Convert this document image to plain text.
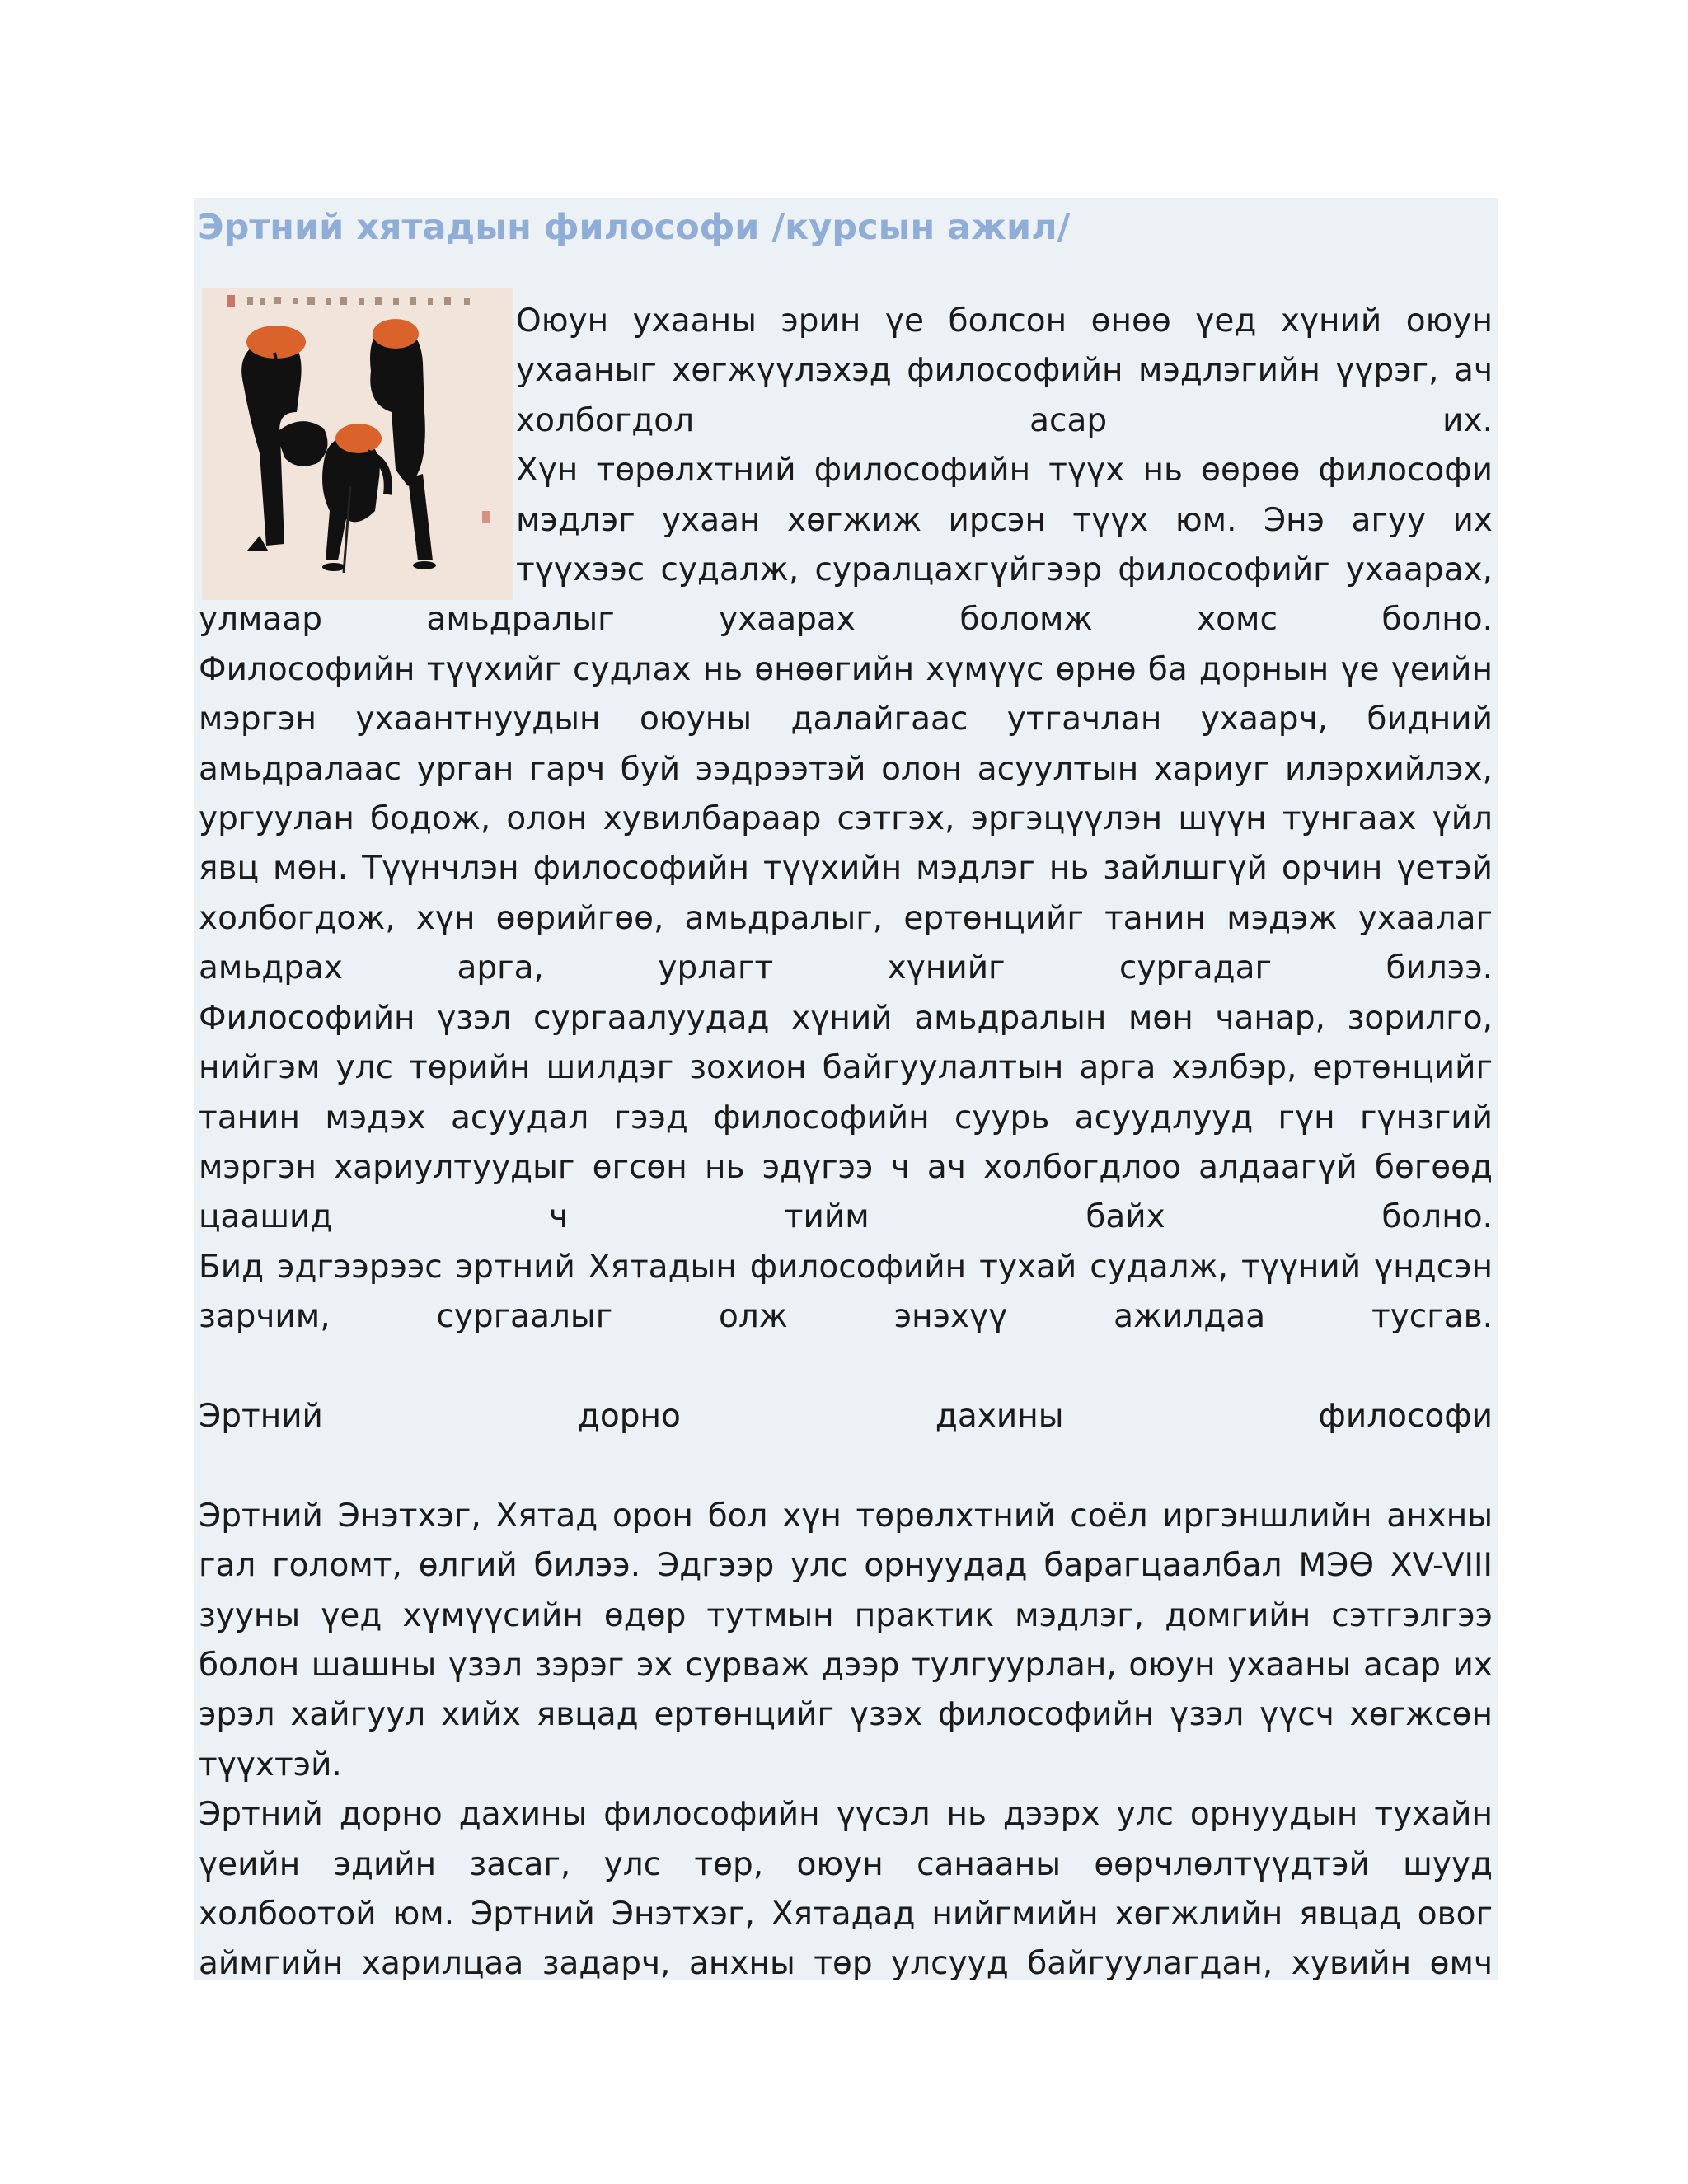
Эртний хятадын философи /курсын ажил/

Оюун ухааны эрин үе болсон өнөө үед хүний оюун ухааныг хөгжүүлэхэд философийн мэдлэгийн үүрэг, ач холбогдол асар их.

Хүн төрөлхтний философийн түүх нь өөрөө философи мэдлэг ухаан хөгжиж ирсэн түүх юм. Энэ агуу их түүхээс судалж, суралцахгүйгээр философийг ухаарах, улмаар амьдралыг ухаарах боломж хомс болно.

Философийн түүхийг судлах нь өнөөгийн хүмүүс өрнө ба дорнын үе үеийн мэргэн ухаантнуудын оюуны далайгаас утгачлан ухаарч, бидний амьдралаас урган гарч буй ээдрээтэй олон асуултын хариуг илэрхийлэх, ургуулан бодож, олон хувилбараар сэтгэх, эргэцүүлэн шүүн тунгаах үйл явц мөн. Түүнчлэн философийн түүхийн мэдлэг нь зайлшгүй орчин үетэй холбогдож, хүн өөрийгөө, амьдралыг, ертөнцийг танин мэдэж ухаалаг амьдрах арга, урлагт хүнийг сургадаг билээ.

Философийн үзэл сургаалуудад хүний амьдралын мөн чанар, зорилго, нийгэм улс төрийн шилдэг зохион байгуулалтын арга хэлбэр, ертөнцийг танин мэдэх асуудал гээд философийн суурь асуудлууд гүн гүнзгий мэргэн хариултуудыг өгсөн нь эдүгээ ч ач холбогдлоо алдаагүй бөгөөд цаашид ч тийм байх болно.

Бид эдгээрээс эртний Хятадын философийн тухай судалж, түүний үндсэн зарчим, сургаалыг олж энэхүү ажилдаа тусгав.

Эртний дорно дахины философи

Эртний Энэтхэг, Хятад орон бол хүн төрөлхтний соёл иргэншлийн анхны гал голомт, өлгий билээ. Эдгээр улс орнуудад барагцаалбал МЭӨ XV-VIII зууны үед хүмүүсийн өдөр тутмын практик мэдлэг, домгийн сэтгэлгээ болон шашны үзэл зэрэг эх сурваж дээр тулгуурлан, оюун ухааны асар их эрэл хайгуул хийх явцад ертөнцийг үзэх философийн үзэл үүсч хөгжсөн түүхтэй.

Эртний дорно дахины философийн үүсэл нь дээрх улс орнуудын тухайн үеийн эдийн засаг, улс төр, оюун санааны өөрчлөлтүүдтэй шууд холбоотой юм. Эртний Энэтхэг, Хятадад нийгмийн хөгжлийн явцад овог аймгийн харилцаа задарч, анхны төр улсууд байгуулагдан, хувийн өмч
